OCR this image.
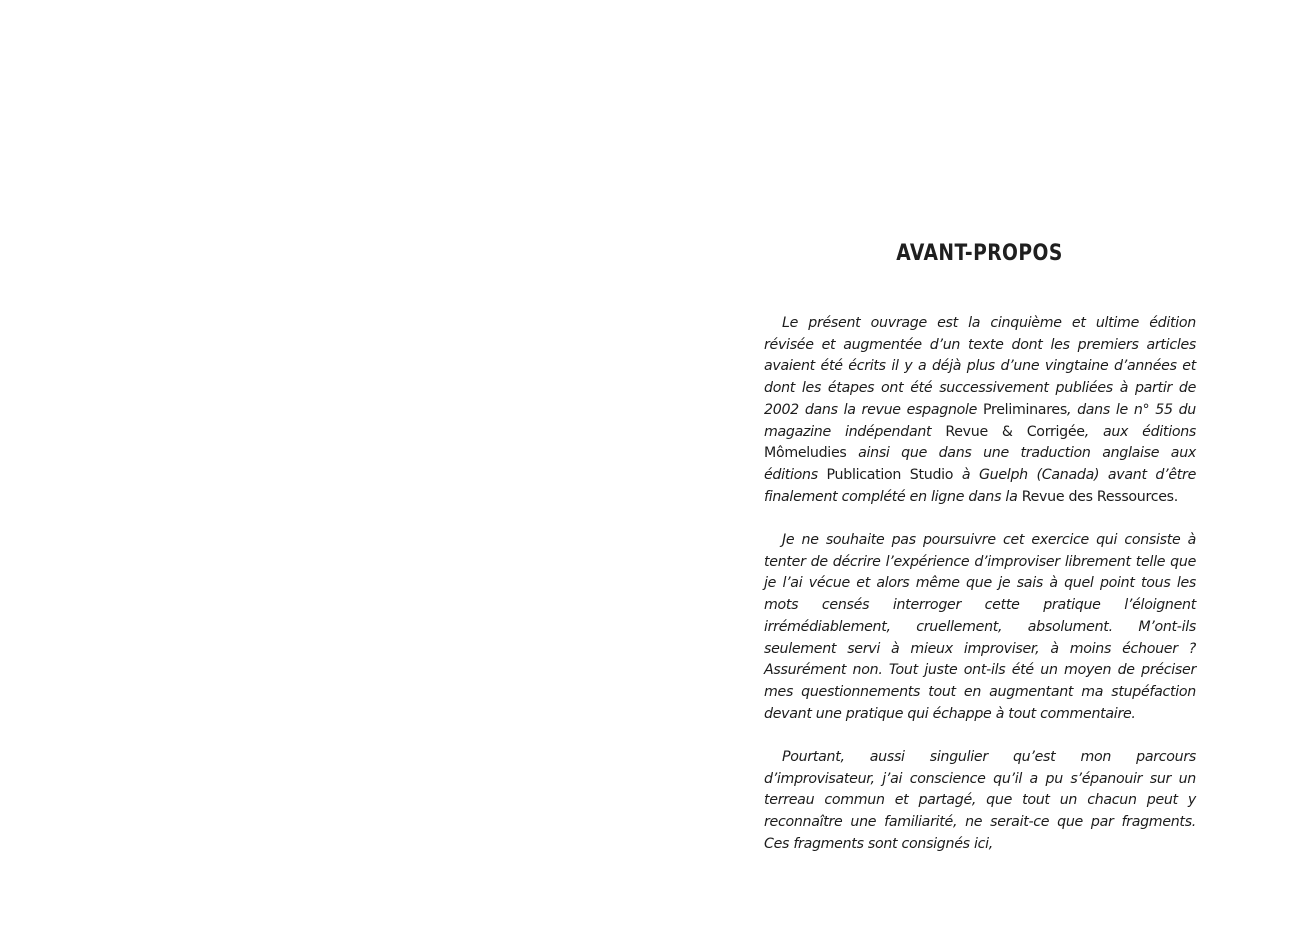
AVANT-PROPOS

Le présent ouvrage est la cinquième et ultime édition révisée et augmentée d’un texte dont les premiers articles avaient été écrits il y a déjà plus d’une vingtaine d’années et dont les étapes ont été successivement publiées à partir de 2002 dans la revue espagnole Preliminares, dans le n° 55 du magazine indépendant Revue & Corrigée, aux éditions Mômeludies ainsi que dans une traduction anglaise aux éditions Publication Studio à Guelph (Canada) avant d’être finalement complété en ligne dans la Revue des Ressources.

Je ne souhaite pas poursuivre cet exercice qui consiste à tenter de décrire l’expérience d’improviser librement telle que je l’ai vécue et alors même que je sais à quel point tous les mots censés interroger cette pratique l’éloignent irrémédiablement, cruellement, absolument. M’ont-ils seulement servi à mieux improviser, à moins échouer ? Assurément non. Tout juste ont-ils été un moyen de préciser mes questionnements tout en augmentant ma stupéfaction devant une pratique qui échappe à tout commentaire.

Pourtant, aussi singulier qu’est mon parcours d’improvisateur, j’ai conscience qu’il a pu s’épanouir sur un terreau commun et partagé, que tout un chacun peut y reconnaître une familiarité, ne serait-ce que par fragments. Ces fragments sont consignés ici,
